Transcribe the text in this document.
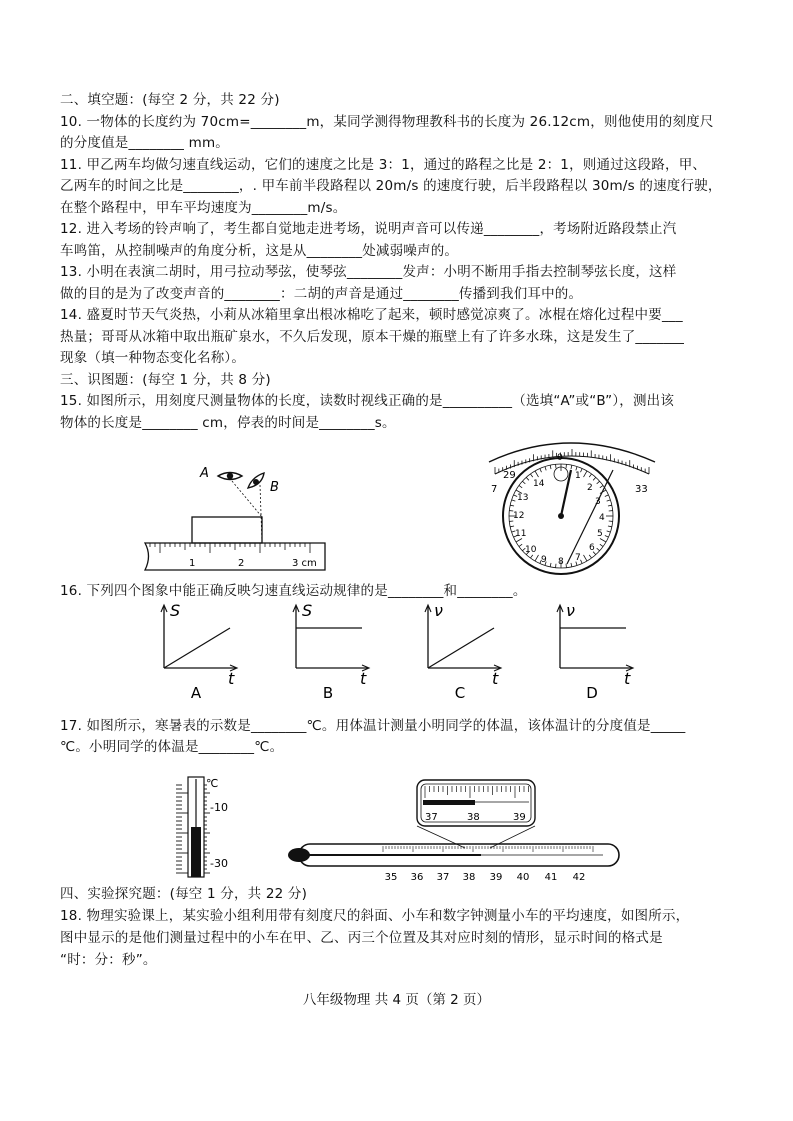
二、填空题：(每空 2 分，共 22 分)
10. 一物体的长度约为 70cm=________m，某同学测得物理教科书的长度为 26.12cm，则他使用的刻度尺
的分度值是________ mm。
11. 甲乙两车均做匀速直线运动，它们的速度之比是 3：1，通过的路程之比是 2：1，则通过这段路，甲、
乙两车的时间之比是________，. 甲车前半段路程以 20m/s 的速度行驶，后半段路程以 30m/s 的速度行驶，
在整个路程中，甲车平均速度为________m/s。
12. 进入考场的铃声响了，考生都自觉地走进考场，说明声音可以传递________，考场附近路段禁止汽
车鸣笛，从控制噪声的角度分析，这是从________处减弱噪声的。
13. 小明在表演二胡时，用弓拉动琴弦，使琴弦________发声：小明不断用手指去控制琴弦长度，这样
做的目的是为了改变声音的________：二胡的声音是通过________传播到我们耳中的。
14. 盛夏时节天气炎热，小莉从冰箱里拿出根冰棉吃了起来，顿时感觉凉爽了。冰棍在熔化过程中要___
热量；哥哥从冰箱中取出瓶矿泉水，不久后发现，原本干燥的瓶壁上有了许多水珠，这是发生了_______
现象（填一种物态变化名称）。
三、识图题：(每空 1 分，共 8 分)
15. 如图所示，用刻度尺测量物体的长度，读数时视线正确的是__________（选填“A”或“B”），测出该
物体的长度是________ cm，停表的时间是________s。
A
B
1	2	3 cm
29
33
7	14
13
12
11
10
9 8 7
6
5
4
3
2
1
0
16. 下列四个图象中能正确反映匀速直线运动规律的是________和________。
S
t
A
S
t
B
ν
t
C
ν
t
D
17. 如图所示，寒暑表的示数是________℃。用体温计测量小明同学的体温，该体温计的分度值是_____
℃。小明同学的体温是________℃。
℃
-10
-30
37	38	39
35 36 37 38 39 40 41 42
四、实验探究题：(每空 1 分，共 22 分)
18. 物理实验课上，某实验小组利用带有刻度尺的斜面、小车和数字钟测量小车的平均速度，如图所示，
图中显示的是他们测量过程中的小车在甲、乙、丙三个位置及其对应时刻的情形，显示时间的格式是
“时：分：秒”。
八年级物理 共 4 页（第 2 页）
